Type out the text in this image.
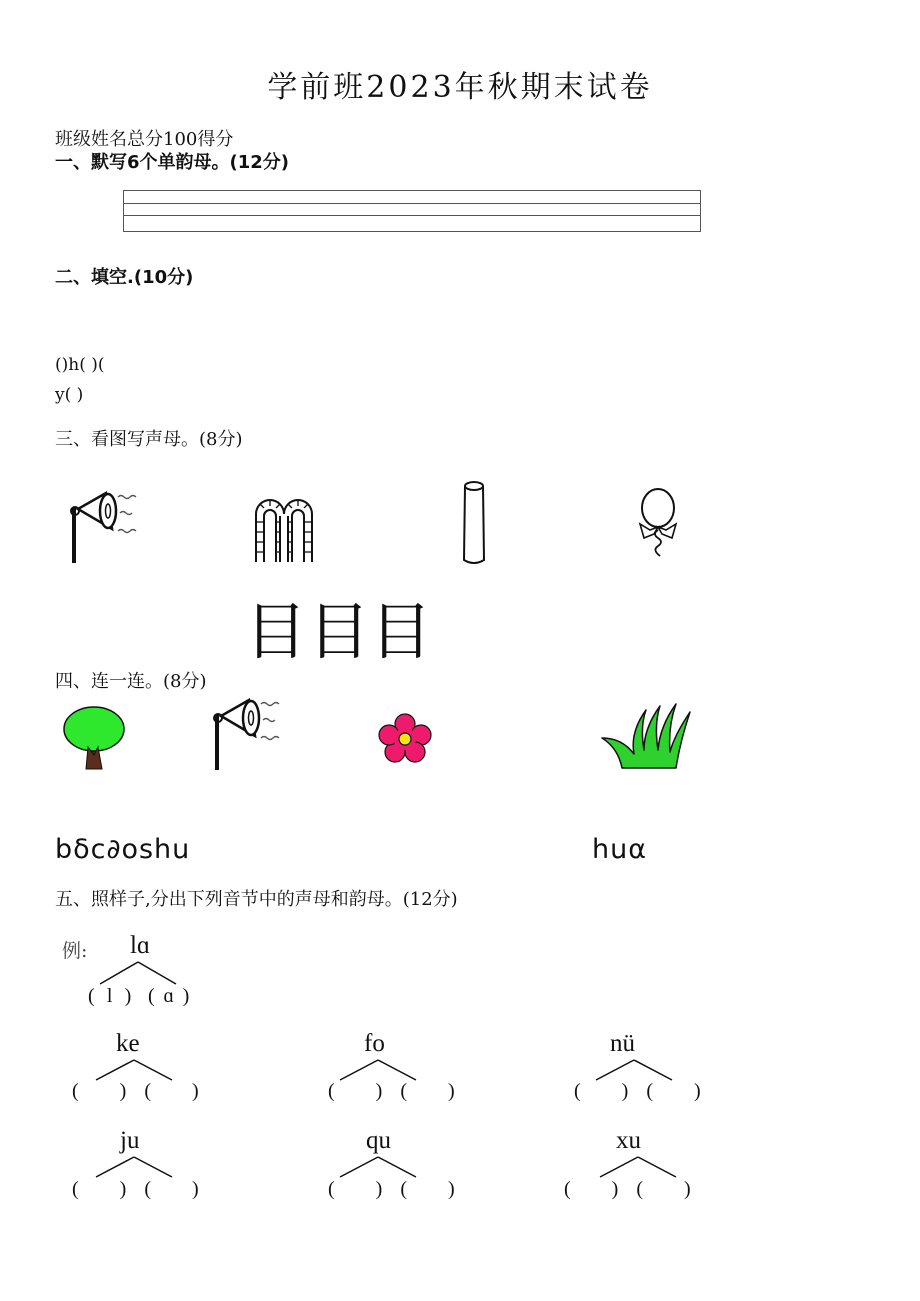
学前班2023年秋期末试卷
班级姓名总分100得分
一、默写6个单韵母。(12分)
二、填空.(10分)
()h( )(
y( )
三、看图写声母。(8分)
目 目 目
四、连一连。(8分)
bδc∂oshu	huα
五、照样子,分出下列音节中的声母和韵母。(12分)
例: lɑ
( l ) ( ɑ )
ke
( )( )
fo
( )( )
nü
( )( )
ju
( )( )
qu
( )( )
xu
( )( )
